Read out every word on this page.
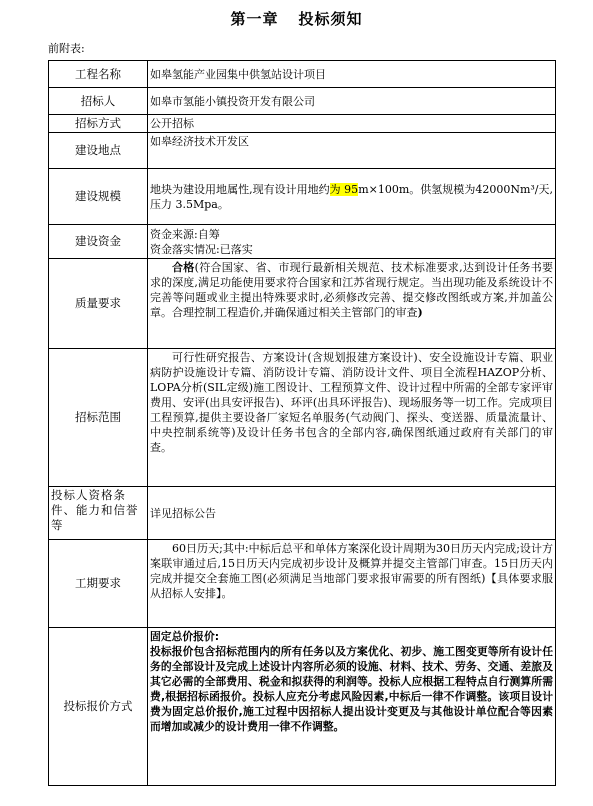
第一章 投标须知
前附表:
工程名称	如皋氢能产业园集中供氢站设计项目
招标人	如皋市氢能小镇投资开发有限公司
招标方式	公开招标
建设地点	如皋经济技术开发区
建设规模	地块为建设用地属性,现有设计用地约为 95m×100m。供氢规模为42000Nm³/天,压力 3.5Mpa。
建设资金	资金来源:自筹
资金落实情况:已落实

质量要求	合格(符合国家、省、市现行最新相关规范、技术标准要求,达到设计任务书要求的深度,满足功能使用要求符合国家和江苏省现行规定。当出现功能及系统设计不完善等问题或业主提出特殊要求时,必须修改完善、提交修改图纸或方案,并加盖公章。合理控制工程造价,并确保通过相关主管部门的审查)
招标范围	可行性研究报告、方案设计(含规划报建方案设计)、安全设施设计专篇、职业病防护设施设计专篇、消防设计专篇、消防设计文件、项目全流程HAZOP分析、LOPA分析(SIL定级)施工图设计、工程预算文件、设计过程中所需的全部专家评审费用、安评(出具安评报告)、环评(出具环评报告)、现场服务等一切工作。完成项目工程预算,提供主要设备厂家短名单服务(气动阀门、探头、变送器、质量流量计、中央控制系统等)及设计任务书包含的全部内容,确保图纸通过政府有关部门的审查。
投标人资格条件、能力和信誉等	详见招标公告
工期要求	60日历天;其中:中标后总平和单体方案深化设计周期为30日历天内完成;设计方案联审通过后,15日历天内完成初步设计及概算并提交主管部门审查。15日历天内完成并提交全套施工图(必须满足当地部门要求报审需要的所有图纸)【具体要求服从招标人安排】。
投标报价方式	固定总价报价:
投标报价包含招标范围内的所有任务以及方案优化、初步、施工图变更等所有设计任务的全部设计及完成上述设计内容所必须的设施、材料、技术、劳务、交通、差旅及其它必需的全部费用、税金和拟获得的利润等。投标人应根据工程特点自行测算所需费,根据招标函报价。投标人应充分考虑风险因素,中标后一律不作调整。该项目设计费为固定总价报价,施工过程中因招标人提出设计变更及与其他设计单位配合等因素而增加或减少的设计费用一律不作调整。
